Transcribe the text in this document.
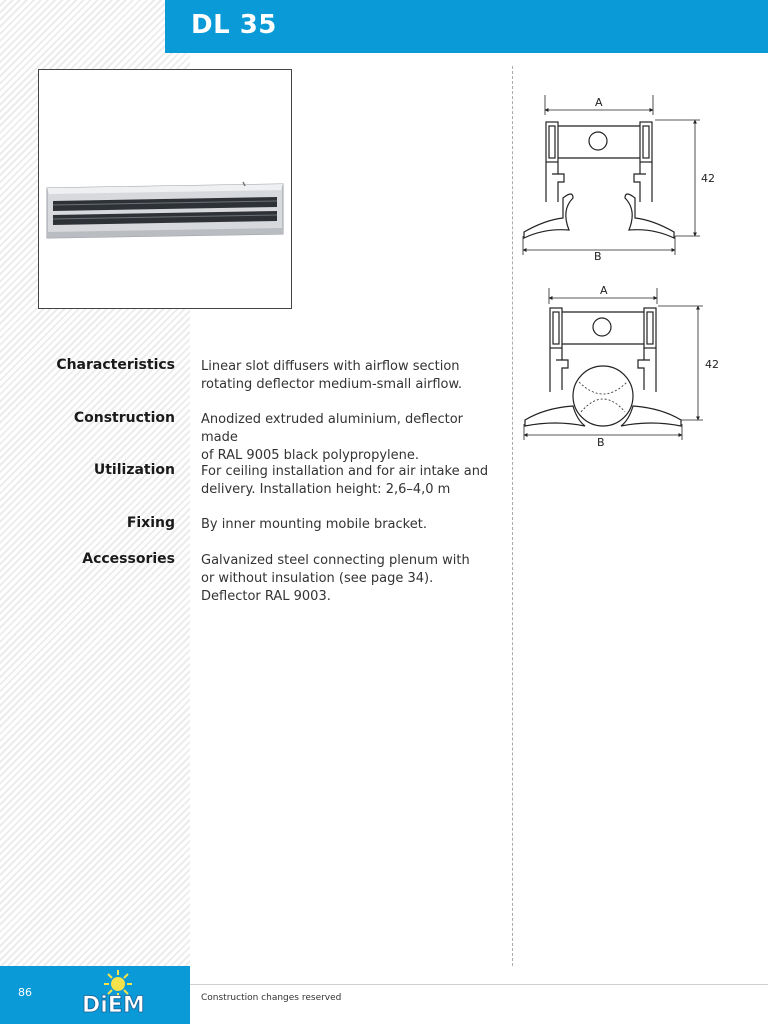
DL 35
Characteristics Linear slot diffusers with airflow section
rotating deflector medium-small airflow.
Construction Anodized extruded aluminium, deflector made
of RAL 9005 black polypropylene.
Utilization For ceiling installation and for air intake and
delivery. Installation height: 2,6–4,0 m
Fixing By inner mounting mobile bracket.
Accessories Galvanized steel connecting plenum with
or without insulation (see page 34).
Deflector RAL 9003.
A
B
42
A
B
42
86
DiEM	Construction changes reserved
